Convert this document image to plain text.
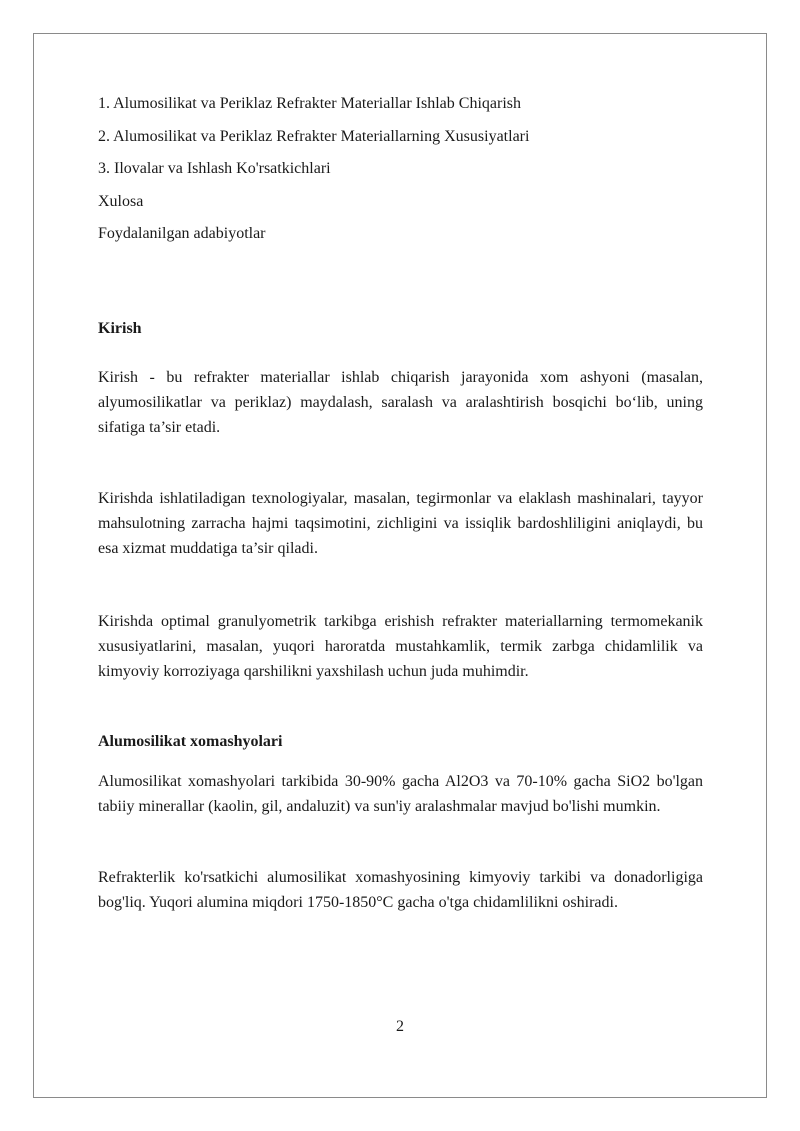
1. Alumosilikat va Periklaz Refrakter Materiallar Ishlab Chiqarish

2. Alumosilikat va Periklaz Refrakter Materiallarning Xususiyatlari

3. Ilovalar va Ishlash Ko'rsatkichlari

Xulosa

Foydalanilgan adabiyotlar

Kirish

Kirish - bu refrakter materiallar ishlab chiqarish jarayonida xom ashyoni (masalan, alyumosilikatlar va periklaz) maydalash, saralash va aralashtirish bosqichi bo‘lib, uning sifatiga ta’sir etadi.

Kirishda ishlatiladigan texnologiyalar, masalan, tegirmonlar va elaklash mashinalari, tayyor mahsulotning zarracha hajmi taqsimotini, zichligini va issiqlik bardoshliligini aniqlaydi, bu esa xizmat muddatiga ta’sir qiladi.

Kirishda optimal granulyometrik tarkibga erishish refrakter materiallarning termomekanik xususiyatlarini, masalan, yuqori haroratda mustahkamlik, termik zarbga chidamlilik va kimyoviy korroziyaga qarshilikni yaxshilash uchun juda muhimdir.

Alumosilikat xomashyolari

Alumosilikat xomashyolari tarkibida 30-90% gacha Al2O3 va 70-10% gacha SiO2 bo'lgan tabiiy minerallar (kaolin, gil, andaluzit) va sun'iy aralashmalar mavjud bo'lishi mumkin.

Refrakterlik ko'rsatkichi alumosilikat xomashyosining kimyoviy tarkibi va donadorligiga bog'liq. Yuqori alumina miqdori 1750-1850°C gacha o'tga chidamlilikni oshiradi.

2
